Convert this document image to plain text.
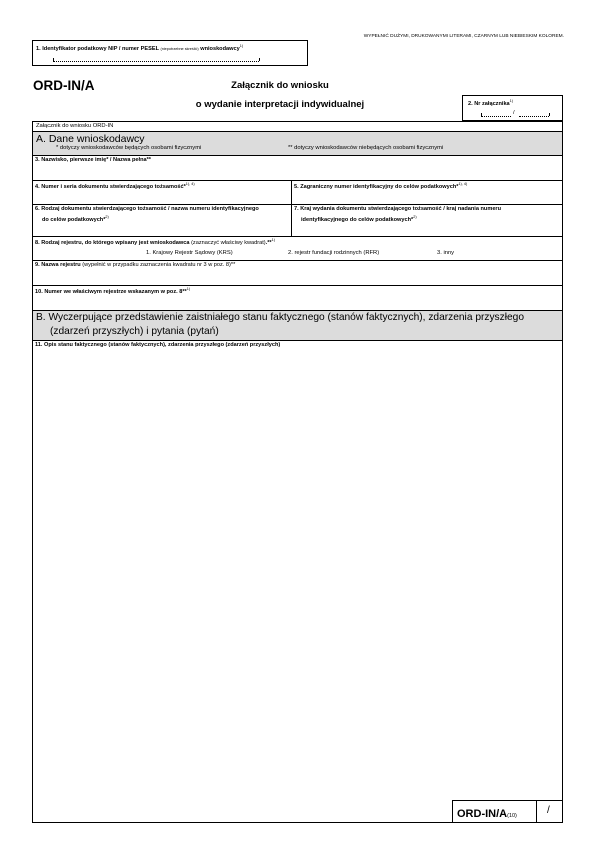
WYPEŁNIĆ DUŻYMI, DRUKOWANYMI LITERAMI, CZARNYM LUB NIEBIESKIM KOLOREM.
1. Identyfikator podatkowy NIP / numer PESEL (niepotrzebne skreślić) wnioskodawcy$^{1)}$
ORD-IN/A	Załącznik do wniosku
o wydanie interpretacji indywidualnej	2. Nr załącznika$^{1)}$
/
Załącznik do wniosku ORD-IN
A. Dane wnioskodawcy
* dotyczy wnioskodawców będących osobami fizycznymi	** dotyczy wnioskodawców niebędących osobami fizycznymi
3. Nazwisko, pierwsze imię* / Nazwa pełna**
4. Numer i seria dokumentu stwierdzającego tożsamość*$^{1), 4)}$	5. Zagraniczny numer identyfikacyjny do celów podatkowych*$^{1), 4)}$
6. Rodzaj dokumentu stwierdzającego tożsamość / nazwa numeru identyfikacyjnego
do celów podatkowych*$^{2)}$
7. Kraj wydania dokumentu stwierdzającego tożsamość / kraj nadania numeru
identyfikacyjnego do celów podatkowych*$^{2)}$
8. Rodzaj rejestru, do którego wpisany jest wnioskodawca (zaznaczyć właściwy kwadrat).**$^{1)}$
1. Krajowy Rejestr Sądowy (KRS)	2. rejestr fundacji rodzinnych (RFR)	3. inny
9. Nazwa rejestru (wypełnić w przypadku zaznaczenia kwadratu nr 3 w poz. 8)**
10. Numer we właściwym rejestrze wskazanym w poz. 8**$^{1)}$
B. Wyczerpujące przedstawienie zaistniałego stanu faktycznego (stanów faktycznych), zdarzenia przyszłego
(zdarzeń przyszłych) i pytania (pytań)
11. Opis stanu faktycznego (stanów faktycznych), zdarzenia przyszłego (zdarzeń przyszłych)
ORD-IN/A(10)	/
